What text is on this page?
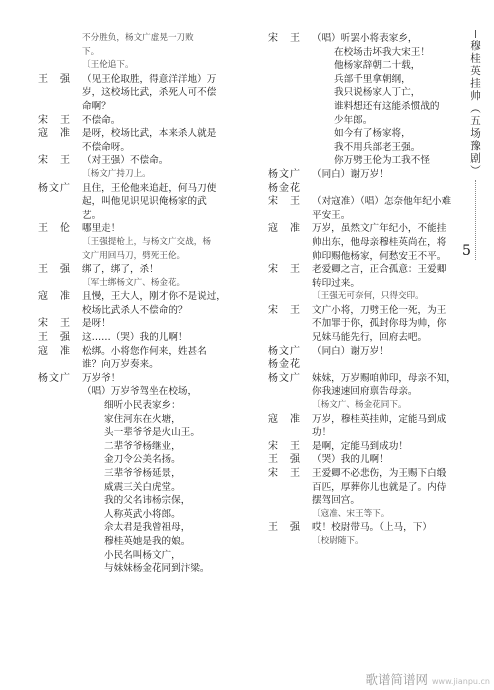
不分胜负，杨文广虚晃一刀败
下。
〔王伦追下。
王　强	（见王伦取胜，得意洋洋地）万
岁，这校场比武，杀死人可不偿
命啊？
宋　王	不偿命。
寇　准	是呀，校场比武，本来杀人就是
不偿命呀。
宋　王	（对王强）不偿命。
〔杨文广持刀上。
杨文广	且住，王伦他来追赶，何马刀使
起，叫他见识见识俺杨家的武
艺。
王　伦	哪里走！
〔王强提枪上，与杨文广交战，杨
文广用回马刀，劈死王伦。
王　强	绑了，绑了，杀！
〔军士绑杨文广、杨金花。
寇　准	且慢，王大人，刚才你不是说过，
校场比武杀人不偿命的？
宋　王	是呀！
王　强	这……（哭）我的儿啊！
寇　准	松绑。小将您作何来，姓甚名
谁？向万岁奏来。
杨文广	万岁爷！
（唱）万岁爷驾坐在校场，
细听小民表家乡：
家住河东在火塘，
头一辈爷爷是火山王。
二辈爷爷杨继业，
金刀令公美名扬。
三辈爷爷杨延景，
威震三关白虎堂。
我的父名讳杨宗保，
人称英武小将郎。
佘太君是我曾祖母，
穆桂英她是我的娘。
小民名叫杨文广，
与妹妹杨金花同到汴梁。
宋　王	（唱）听罢小将表家乡，
在校场击坏我大宋王！
他杨家辞朝二十载，
兵部千里拿朝纲，
我只说杨家人丁亡，
谁料想还有这能杀惯战的
少年郎。
如今有了杨家将，
我不用兵部老王强。
你万劈王伦为工我不怪
杨文广	（同白）谢万岁！
杨金花
宋　王	（对寇准）（唱）怎奈他年纪小难
平安王。
寇　准	万岁，虽然文广年纪小，不能挂
帅出东，他母亲穆桂英尚在，将
帅印赐他杨家，何愁安王不平。
宋　王	老爱卿之言，正合孤意：王爱卿
转印过来。
〔王强无可奈何，只得交印。
宋　王	文广小将，刀劈王伦一死，为王
不加罪于你，孤封你母为帅，你
兄妹马能先行，回府去吧。
杨文广	（同白）谢万岁！
杨金花
杨文广	妹妹，万岁赐咱帅印，母亲不知，
你我速速回府禀告母亲。
〔杨文广、杨金花同下。
寇　准	万岁，穆桂英挂帅，定能马到成
功！
宋　王	是啊，定能马到成功！
王　强	（哭）我的儿啊！
宋　王	王爱卿不必悲伤，为王赐下白缎
百匹，厚葬你儿也就是了。内侍
摆驾回宫。
〔寇准、宋王等下。
王　强	哎！校尉带马。（上马，下）
〔校尉随下。
穆桂英挂帅（五场豫剧）
5
歌谱简谱网 www.jianpu.cn
